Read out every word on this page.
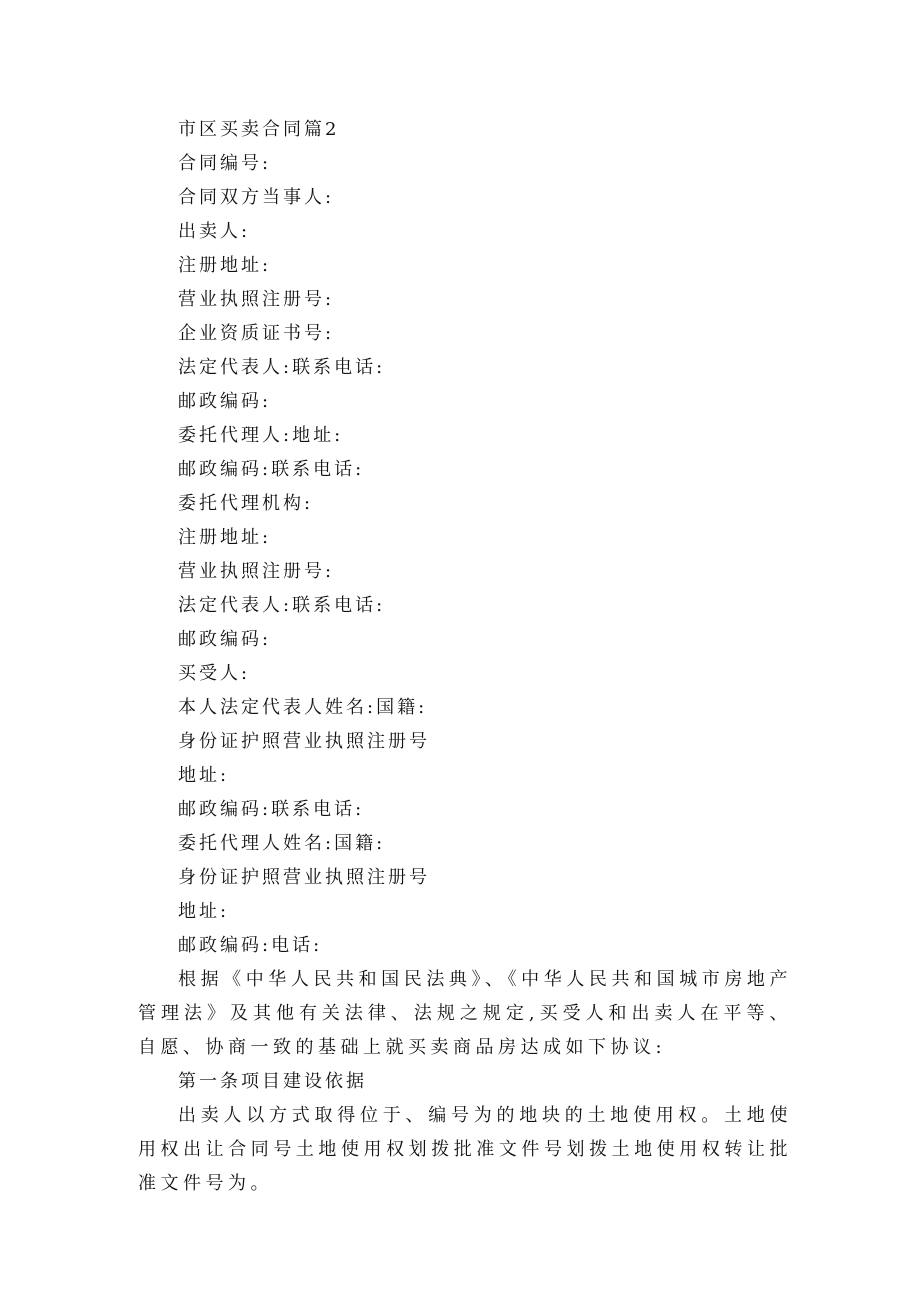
市区买卖合同篇2
合同编号:
合同双方当事人:
出卖人:
注册地址:
营业执照注册号:
企业资质证书号:
法定代表人:联系电话:
邮政编码:
委托代理人:地址:
邮政编码:联系电话:
委托代理机构:
注册地址:
营业执照注册号:
法定代表人:联系电话:
邮政编码:
买受人:
本人法定代表人姓名:国籍:
身份证护照营业执照注册号
地址:
邮政编码:联系电话:
委托代理人姓名:国籍:
身份证护照营业执照注册号
地址:
邮政编码:电话:

根据《中华人民共和国民法典》、《中华人民共和国城市房地产管理法》及其他有关法律、法规之规定,买受人和出卖人在平等、自愿、协商一致的基础上就买卖商品房达成如下协议:

第一条项目建设依据

出卖人以方式取得位于、编号为的地块的土地使用权。土地使用权出让合同号土地使用权划拨批准文件号划拨土地使用权转让批准文件号为。
